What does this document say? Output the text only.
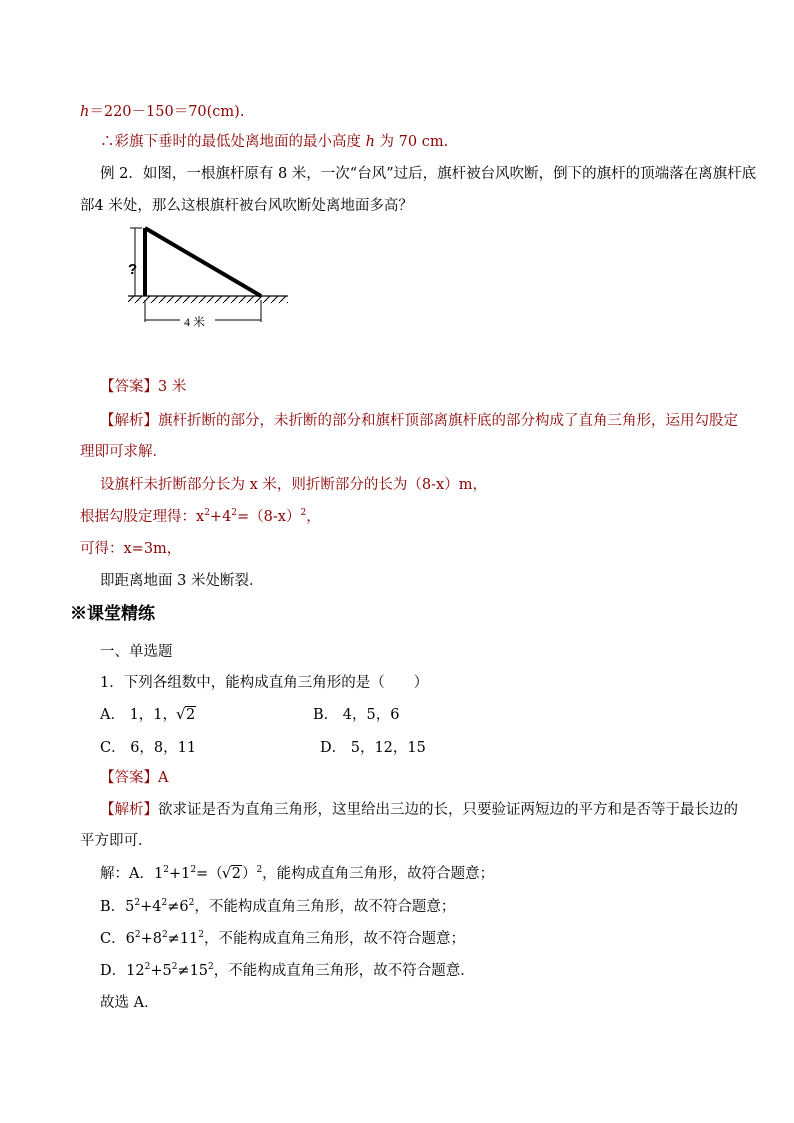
h＝220－150＝70(cm).
∴彩旗下垂时的最低处离地面的最小高度 h 为 70 cm.
例 2．如图，一根旗杆原有 8 米，一次“台风”过后，旗杆被台风吹断，倒下的旗杆的顶端落在离旗杆底
部4 米处，那么这根旗杆被台风吹断处离地面多高？
?
4 米
【答案】3 米
【解析】旗杆折断的部分，未折断的部分和旗杆顶部离旗杆底的部分构成了直角三角形，运用勾股定
理即可求解．
设旗杆未折断部分长为 x 米，则折断部分的长为（8-x）m，
根据勾股定理得：$x^2+4^2=(8-x)^2$，
可得：x=3m，
即距离地面 3 米处断裂．
※课堂精练
一、单选题
1．下列各组数中，能构成直角三角形的是（　　）
A． 1，1，√ 2	B． 4，5，6
C． 6，8，11	D． 5，12，15
【答案】A
【解析】欲求证是否为直角三角形，这里给出三边的长，只要验证两短边的平方和是否等于最长边的
平方即可．
解：A．$1^2+1^2=(√$ 2）$^2$，能构成直角三角形，故符合题意；
B．$5^2+4^2\ne 6^2$，不能构成直角三角形，故不符合题意；
C．$6^2+8^2\ne 11^2$，不能构成直角三角形，故不符合题意；
D．$12^2+5^2\ne 15^2$，不能构成直角三角形，故不符合题意．
故选 A．
